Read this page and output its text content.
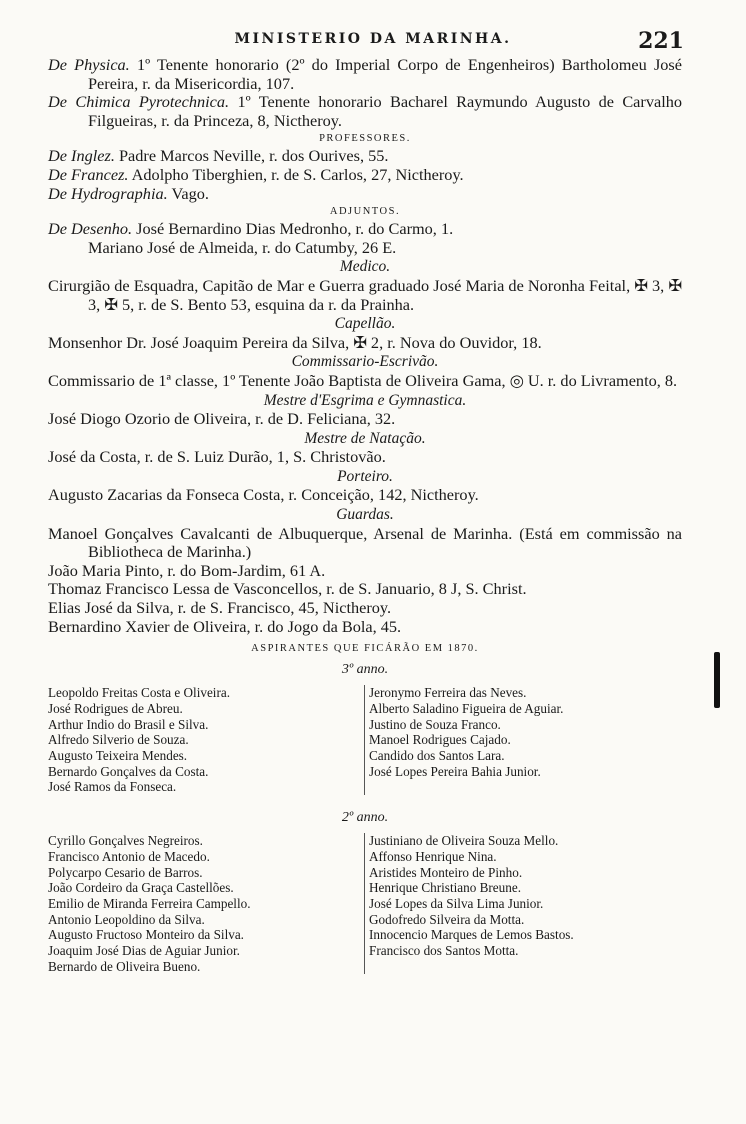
MINISTERIO DA MARINHA.	221

De Physica. 1º Tenente honorario (2º do Imperial Corpo de Engenheiros) Bartholomeu José Pereira, r. da Misericordia, 107.

De Chimica Pyrotechnica. 1º Tenente honorario Bacharel Raymundo Augusto de Carvalho Filgueiras, r. da Princeza, 8, Nictheroy.

PROFESSORES.

De Inglez. Padre Marcos Neville, r. dos Ourives, 55.

De Francez. Adolpho Tiberghien, r. de S. Carlos, 27, Nictheroy.

De Hydrographia. Vago.

ADJUNTOS.

De Desenho. José Bernardino Dias Medronho, r. do Carmo, 1.

Mariano José de Almeida, r. do Catumby, 26 E.

Medico.

Cirurgião de Esquadra, Capitão de Mar e Guerra graduado José Maria de Noronha Feital, ✠ 3, ✠ 3, ✠ 5, r. de S. Bento 53, esquina da r. da Prainha.

Capellão.

Monsenhor Dr. José Joaquim Pereira da Silva, ✠ 2, r. Nova do Ouvidor, 18.

Commissario-Escrivão.

Commissario de 1ª classe, 1º Tenente João Baptista de Oliveira Gama, ◎ U. r. do Livramento, 8.

Mestre d'Esgrima e Gymnastica.

José Diogo Ozorio de Oliveira, r. de D. Feliciana, 32.

Mestre de Natação.

José da Costa, r. de S. Luiz Durão, 1, S. Christovão.

Porteiro.

Augusto Zacarias da Fonseca Costa, r. Conceição, 142, Nictheroy.

Guardas.

Manoel Gonçalves Cavalcanti de Albuquerque, Arsenal de Marinha. (Está em commissão na Bibliotheca de Marinha.)

João Maria Pinto, r. do Bom-Jardim, 61 A.

Thomaz Francisco Lessa de Vasconcellos, r. de S. Januario, 8 J, S. Christ.

Elias José da Silva, r. de S. Francisco, 45, Nictheroy.

Bernardino Xavier de Oliveira, r. do Jogo da Bola, 45.

ASPIRANTES QUE FICÁRÃO EM 1870.

3º anno.
Leopoldo Freitas Costa e Oliveira.
José Rodrigues de Abreu.
Arthur Indio do Brasil e Silva.
Alfredo Silverio de Souza.
Augusto Teixeira Mendes.
Bernardo Gonçalves da Costa.
José Ramos da Fonseca.
Jeronymo Ferreira das Neves.
Alberto Saladino Figueira de Aguiar.
Justino de Souza Franco.
Manoel Rodrigues Cajado.
Candido dos Santos Lara.
José Lopes Pereira Bahia Junior.
2º anno.
Cyrillo Gonçalves Negreiros.
Francisco Antonio de Macedo.
Polycarpo Cesario de Barros.
João Cordeiro da Graça Castellões.
Emilio de Miranda Ferreira Campello.
Antonio Leopoldino da Silva.
Augusto Fructoso Monteiro da Silva.
Joaquim José Dias de Aguiar Junior.
Bernardo de Oliveira Bueno.
Justiniano de Oliveira Souza Mello.
Affonso Henrique Nina.
Aristides Monteiro de Pinho.
Henrique Christiano Breune.
José Lopes da Silva Lima Junior.
Godofredo Silveira da Motta.
Innocencio Marques de Lemos Bastos.
Francisco dos Santos Motta.
